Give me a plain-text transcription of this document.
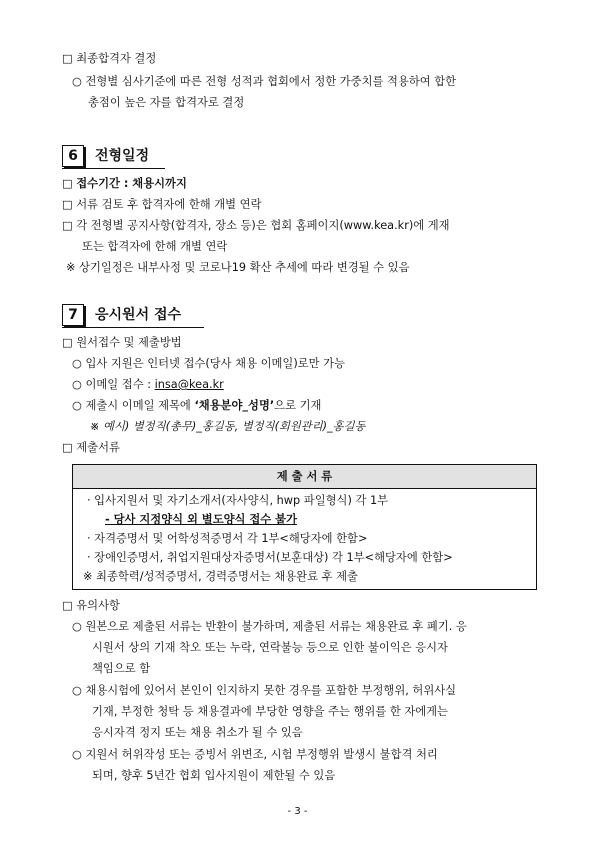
□ 최종합격자 결정
○ 전형별 심사기준에 따른 전형 성적과 협회에서 정한 가중치를 적용하여 합한
총점이 높은 자를 합격자로 결정
6	전형일정
□ 접수기간 : 채용시까지
□ 서류 검토 후 합격자에 한해 개별 연락
□ 각 전형별 공지사항(합격자, 장소 등)은 협회 홈페이지(www.kea.kr)에 게재
또는 합격자에 한해 개별 연락
※ 상기일정은 내부사정 및 코로나19 확산 추세에 따라 변경될 수 있음
7	응시원서 접수
□ 원서접수 및 제출방법
○ 입사 지원은 인터넷 접수(당사 채용 이메일)로만 가능
○ 이메일 접수 : insa@kea.kr
○ 제출시 이메일 제목에 ‘채용분야_성명’으로 기재
※ 예시) 별정직(총무)_홍길동, 별정직(회원관리)_홍길동
□ 제출서류
제 출 서 류
· 입사지원서 및 자기소개서(자사양식, hwp 파일형식) 각 1부
- 당사 지정양식 외 별도양식 접수 불가
· 자격증명서 및 어학성적증명서 각 1부<해당자에 한함>
· 장애인증명서, 취업지원대상자증명서(보훈대상) 각 1부<해당자에 한함>
※ 최종학력/성적증명서, 경력증명서는 채용완료 후 제출
□ 유의사항
○ 원본으로 제출된 서류는 반환이 불가하며, 제출된 서류는 채용완료 후 폐기. 응
시원서 상의 기재 착오 또는 누락, 연락불능 등으로 인한 불이익은 응시자
책임으로 함
○ 채용시험에 있어서 본인이 인지하지 못한 경우를 포함한 부정행위, 허위사실
기재, 부정한 청탁 등 채용결과에 부당한 영향을 주는 행위를 한 자에게는
응시자격 정지 또는 채용 취소가 될 수 있음
○ 지원서 허위작성 또는 증빙서 위변조, 시험 부정행위 발생시 불합격 처리
되며, 향후 5년간 협회 입사지원이 제한될 수 있음
- 3 -
